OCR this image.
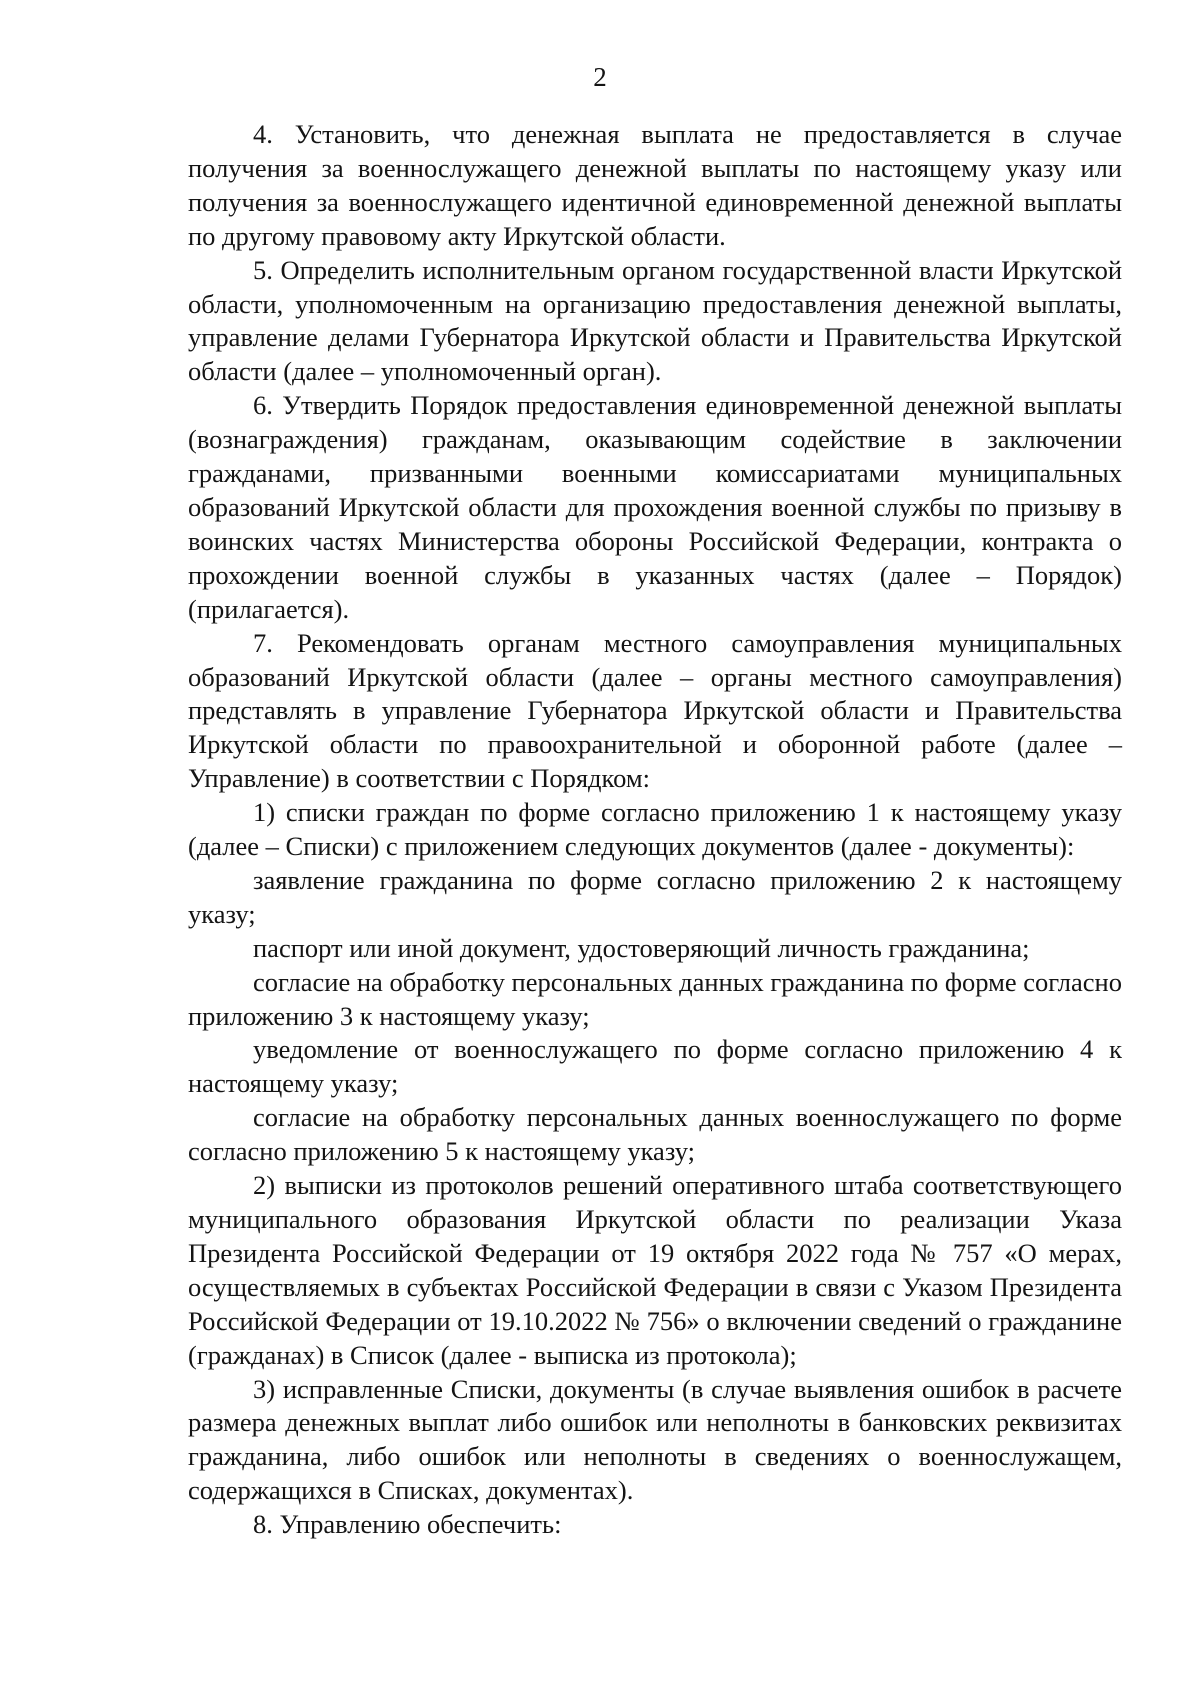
2

4. Установить, что денежная выплата не предоставляется в случае получения за военнослужащего денежной выплаты по настоящему указу или получения за военнослужащего идентичной единовременной денежной выплаты по другому правовому акту Иркутской области.

5. Определить исполнительным органом государственной власти Иркутской области, уполномоченным на организацию предоставления денежной выплаты, управление делами Губернатора Иркутской области и Правительства Иркутской области (далее – уполномоченный орган).

6. Утвердить Порядок предоставления единовременной денежной выплаты (вознаграждения) гражданам, оказывающим содействие в заключении гражданами, призванными военными комиссариатами муниципальных образований Иркутской области для прохождения военной службы по призыву в воинских частях Министерства обороны Российской Федерации, контракта о прохождении военной службы в указанных частях (далее – Порядок) (прилагается).

7. Рекомендовать органам местного самоуправления муниципальных образований Иркутской области (далее – органы местного самоуправления) представлять в управление Губернатора Иркутской области и Правительства Иркутской области по правоохранительной и оборонной работе (далее – Управление) в соответствии с Порядком:

1) списки граждан по форме согласно приложению 1 к настоящему указу (далее – Списки) с приложением следующих документов (далее - документы):

заявление гражданина по форме согласно приложению 2 к настоящему указу;

паспорт или иной документ, удостоверяющий личность гражданина;

согласие на обработку персональных данных гражданина по форме согласно приложению 3 к настоящему указу;

уведомление от военнослужащего по форме согласно приложению 4 к настоящему указу;

согласие на обработку персональных данных военнослужащего по форме согласно приложению 5 к настоящему указу;

2) выписки из протоколов решений оперативного штаба соответствующего муниципального образования Иркутской области по реализации Указа Президента Российской Федерации от 19 октября 2022 года № 757 «О мерах, осуществляемых в субъектах Российской Федерации в связи с Указом Президента Российской Федерации от 19.10.2022 № 756» о включении сведений о гражданине (гражданах) в Список (далее - выписка из протокола);

3) исправленные Списки, документы (в случае выявления ошибок в расчете размера денежных выплат либо ошибок или неполноты в банковских реквизитах гражданина, либо ошибок или неполноты в сведениях о военнослужащем, содержащихся в Списках, документах).

8. Управлению обеспечить:
